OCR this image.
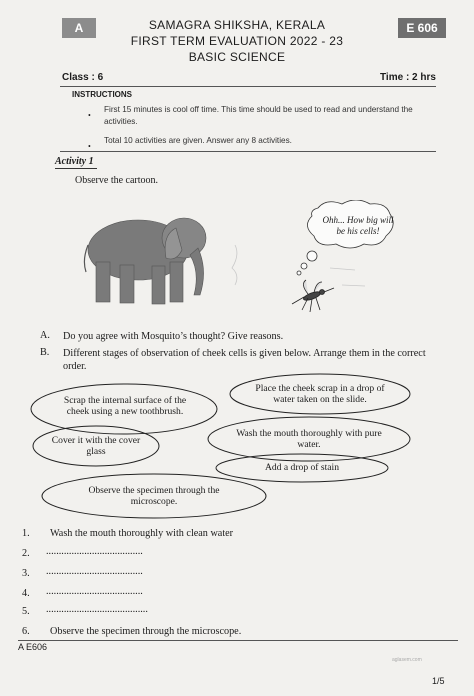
A	E 606
SAMAGRA SHIKSHA, KERALA
FIRST TERM EVALUATION 2022 - 23
BASIC SCIENCE
Class : 6	Time : 2 hrs
INSTRUCTIONS
•
First 15 minutes is cool off time. This time should be used to read and understand the activities.
•
Total 10 activities are given. Answer any 8 activities.
Activity 1
Observe the cartoon.
Ohh... How big will be his cells!
A. Do you agree with Mosquito’s thought? Give reasons.
B. Different stages of observation of cheek cells is given below. Arrange them in the correct order.
Place the cheek scrap in a drop of water taken on the slide.
Scrap the internal surface of the cheek using a new toothbrush.
Wash the mouth thoroughly with pure water.
Cover it with the cover glass
Add a drop of stain
Observe the specimen through the microscope.
1. Wash the mouth thoroughly with clean water
2. ......................................
3. ......................................
4. ......................................
5. ........................................
6. Observe the specimen through the microscope.
A E606
1/5
aglasem.com
